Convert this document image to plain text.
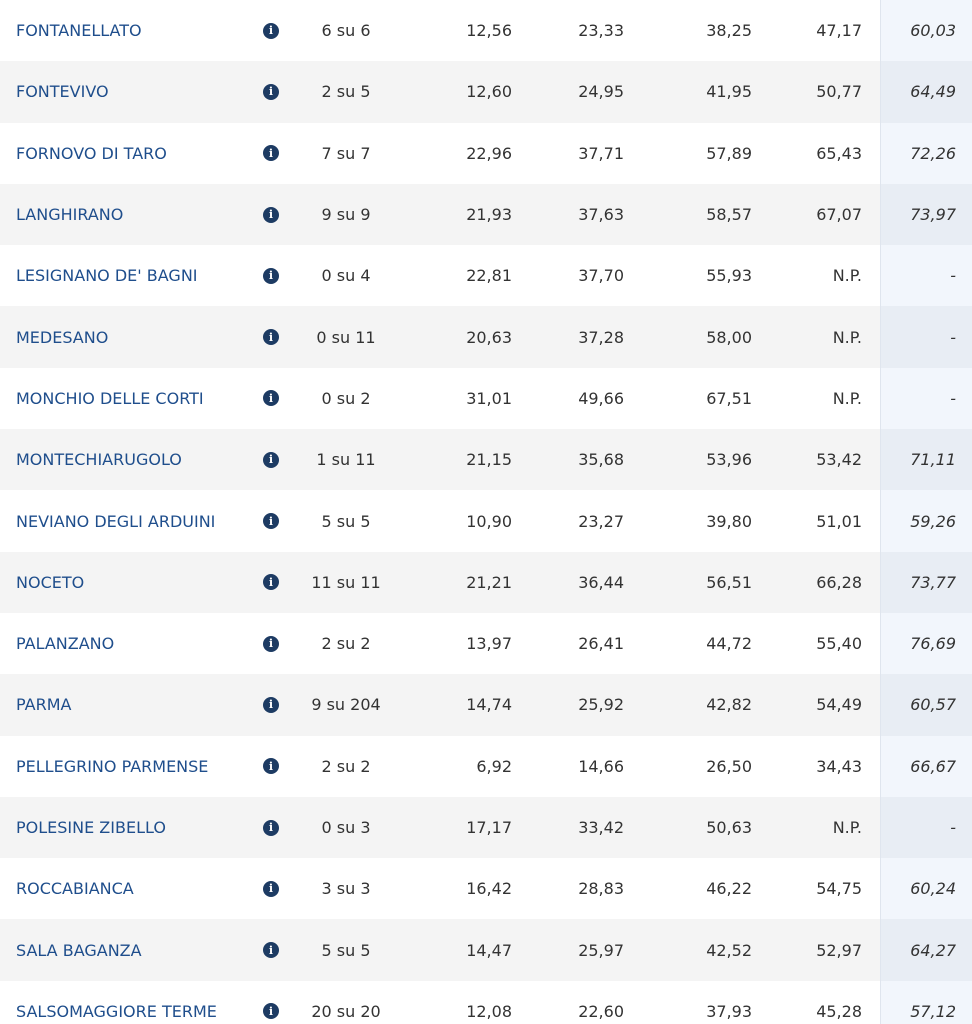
FONTANELLATO	i	6 su 6	12,56	23,33	38,25	47,17	60,03
FONTEVIVO	i	2 su 5	12,60	24,95	41,95	50,77	64,49
FORNOVO DI TARO	i	7 su 7	22,96	37,71	57,89	65,43	72,26
LANGHIRANO	i	9 su 9	21,93	37,63	58,57	67,07	73,97
LESIGNANO DE' BAGNI	i	0 su 4	22,81	37,70	55,93	N.P.	-
MEDESANO	i	0 su 11	20,63	37,28	58,00	N.P.	-
MONCHIO DELLE CORTI	i	0 su 2	31,01	49,66	67,51	N.P.	-
MONTECHIARUGOLO	i	1 su 11	21,15	35,68	53,96	53,42	71,11
NEVIANO DEGLI ARDUINI	i	5 su 5	10,90	23,27	39,80	51,01	59,26
NOCETO	i	11 su 11	21,21	36,44	56,51	66,28	73,77
PALANZANO	i	2 su 2	13,97	26,41	44,72	55,40	76,69
PARMA	i	9 su 204	14,74	25,92	42,82	54,49	60,57
PELLEGRINO PARMENSE	i	2 su 2	6,92	14,66	26,50	34,43	66,67
POLESINE ZIBELLO	i	0 su 3	17,17	33,42	50,63	N.P.	-
ROCCABIANCA	i	3 su 3	16,42	28,83	46,22	54,75	60,24
SALA BAGANZA	i	5 su 5	14,47	25,97	42,52	52,97	64,27
SALSOMAGGIORE TERME	i	20 su 20	12,08	22,60	37,93	45,28	57,12
